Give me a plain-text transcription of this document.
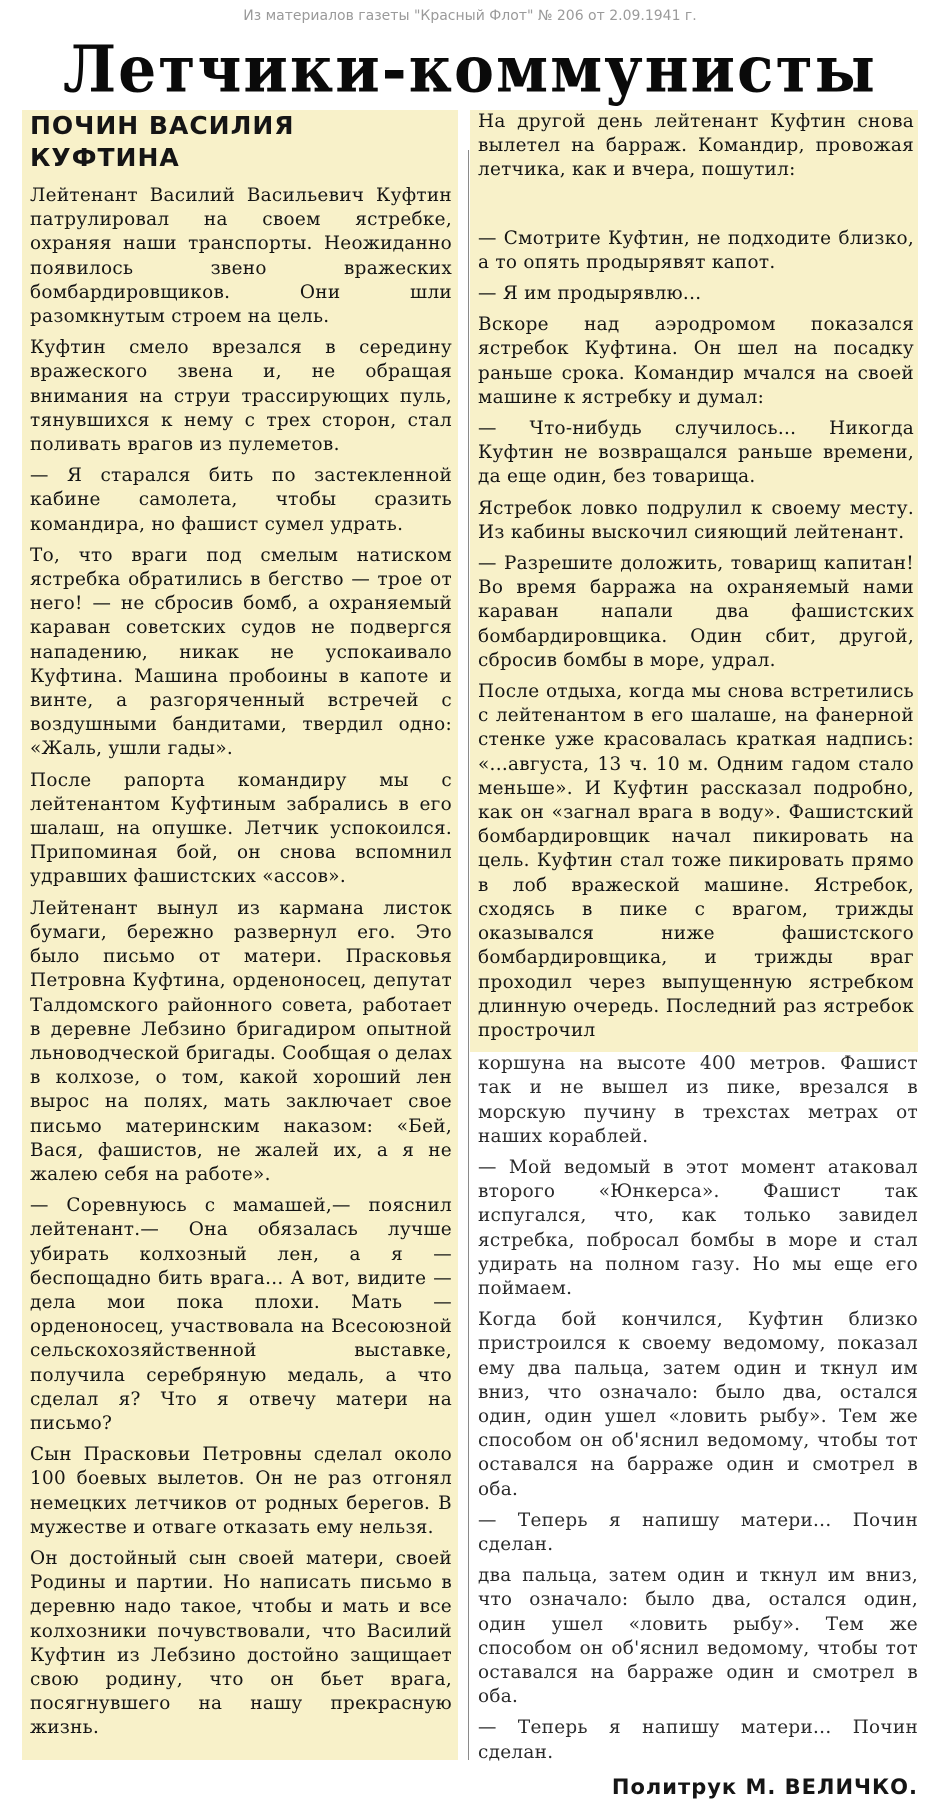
Из материалов газеты "Красный Флот" № 206 от 2.09.1941 г.
Летчики-коммунисты
ПОЧИН ВАСИЛИЯ КУФТИНА

Лейтенант Василий Васильевич Куфтин патрулировал на своем ястребке, охраняя наши транспорты. Неожиданно появилось звено вражеских бомбардировщиков. Они шли разомкнутым строем на цель.

Куфтин смело врезался в середину вражеского звена и, не обращая внимания на струи трассирующих пуль, тянувшихся к нему с трех сторон, стал поливать врагов из пулеметов.

— Я старался бить по застекленной кабине самолета, чтобы сразить командира, но фашист сумел удрать.

То, что враги под смелым натиском ястребка обратились в бегство — трое от него! — не сбросив бомб, а охраняемый караван советских судов не подвергся нападению, никак не успокаивало Куфтина. Машина пробоины в капоте и винте, а разгоряченный встречей с воздушными бандитами, твердил одно: «Жаль, ушли гады».

После рапорта командиру мы с лейтенантом Куфтиным забрались в его шалаш, на опушке. Летчик успокоился. Припоминая бой, он снова вспомнил удравших фашистских «ассов».

Лейтенант вынул из кармана листок бумаги, бережно развернул его. Это было письмо от матери. Прасковья Петровна Куфтина, орденоносец, депутат Талдомского районного совета, работает в деревне Лебзино бригадиром опытной льноводческой бригады. Сообщая о делах в колхозе, о том, какой хороший лен вырос на полях, мать заключает свое письмо материнским наказом: «Бей, Вася, фашистов, не жалей их, а я не жалею себя на работе».

— Соревнуюсь с мамашей,— пояснил лейтенант.— Она обязалась лучше убирать колхозный лен, а я — беспощадно бить врага... А вот, видите — дела мои пока плохи. Мать — орденоносец, участвовала на Всесоюзной сельскохозяйственной выставке, получила серебряную медаль, а что сделал я? Что я отвечу матери на письмо?

Сын Прасковьи Петровны сделал около 100 боевых вылетов. Он не раз отгонял немецких летчиков от родных берегов. В мужестве и отваге отказать ему нельзя.

Он достойный сын своей матери, своей Родины и партии. Но написать письмо в деревню надо такое, чтобы и мать и все колхозники почувствовали, что Василий Куфтин из Лебзино достойно защищает свою родину, что он бьет врага, посягнувшего на нашу прекрасную жизнь.

На другой день лейтенант Куфтин снова вылетел на барраж. Командир, провожая летчика, как и вчера, пошутил:

— Смотрите Куфтин, не подходите близко, а то опять продырявят капот.

— Я им продырявлю...

Вскоре над аэродромом показался ястребок Куфтина. Он шел на посадку раньше срока. Командир мчался на своей машине к ястребку и думал:

— Что-нибудь случилось... Никогда Куфтин не возвращался раньше времени, да еще один, без товарища.

Ястребок ловко подрулил к своему месту. Из кабины выскочил сияющий лейтенант.

— Разрешите доложить, товарищ капитан! Во время барража на охраняемый нами караван напали два фашистских бомбардировщика. Один сбит, другой, сбросив бомбы в море, удрал.

После отдыха, когда мы снова встретились с лейтенантом в его шалаше, на фанерной стенке уже красовалась краткая надпись: «...августа, 13 ч. 10 м. Одним гадом стало меньше». И Куфтин рассказал подробно, как он «загнал врага в воду». Фашистский бомбардировщик начал пикировать на цель. Куфтин стал тоже пикировать прямо в лоб вражеской машине. Ястребок, сходясь в пике с врагом, трижды оказывался ниже фашистского бомбардировщика, и трижды враг проходил через выпущенную ястребком длинную очередь. Последний раз ястребок прострочил

коршуна на высоте 400 метров. Фашист так и не вышел из пике, врезался в морскую пучину в трехстах метрах от наших кораблей.

— Мой ведомый в этот момент атаковал второго «Юнкерса». Фашист так испугался, что, как только завидел ястребка, побросал бомбы в море и стал удирать на полном газу. Но мы еще его поймаем.

Когда бой кончился, Куфтин близко пристроился к своему ведомому, показал ему два пальца, затем один и ткнул им вниз, что означало: было два, остался один, один ушел «ловить рыбу». Тем же способом он об'яснил ведомому, чтобы тот оставался на барраже один и смотрел в оба.

— Теперь я напишу матери... Почин сделан.

два пальца, затем один и ткнул им вниз, что означало: было два, остался один, один ушел «ловить рыбу». Тем же способом он об'яснил ведомому, чтобы тот оставался на барраже один и смотрел в оба.

— Теперь я напишу матери... Почин сделан.

Политрук М. ВЕЛИЧКО.
